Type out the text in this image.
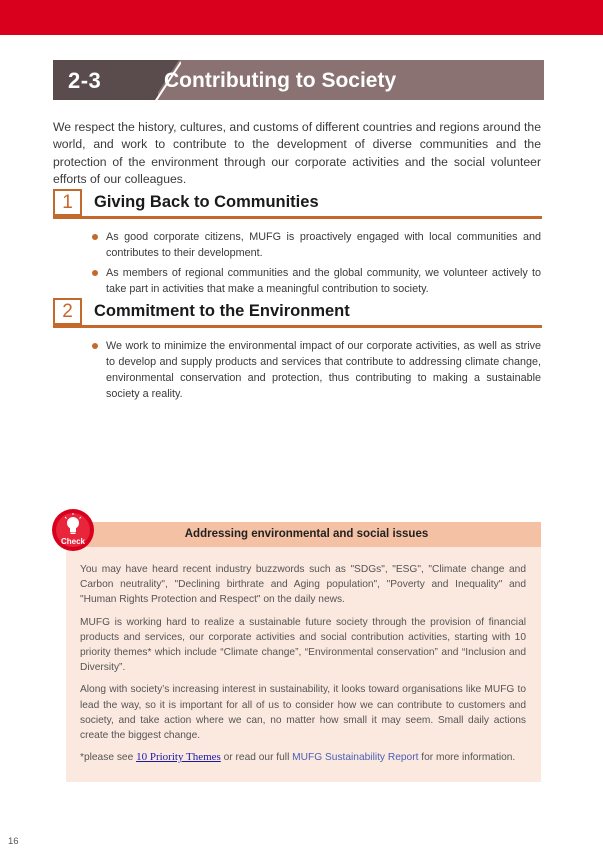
2-3	Contributing to Society

We respect the history, cultures, and customs of different countries and regions around the world, and work to contribute to the development of diverse communities and the protection of the environment through our corporate activities and the social volunteer efforts of our colleagues.

1	Giving Back to Communities
As good corporate citizens, MUFG is proactively engaged with local communities and contributes to their development.
As members of regional communities and the global community, we volunteer actively to take part in activities that make a meaningful contribution to society.
2	Commitment to the Environment
We work to minimize the environmental impact of our corporate activities, as well as strive to develop and supply products and services that contribute to addressing climate change, environmental conservation and protection, thus contributing to making a sustainable society a reality.
Addressing environmental and social issues

You may have heard recent industry buzzwords such as "SDGs", "ESG", "Climate change and Carbon neutrality", "Declining birthrate and Aging population", "Poverty and Inequality" and "Human Rights Protection and Respect" on the daily news.

MUFG is working hard to realize a sustainable future society through the provision of financial products and services, our corporate activities and social contribution activities, starting with 10 priority themes* which include “Climate change”, “Environmental conservation” and “Inclusion and Diversity”.

Along with society’s increasing interest in sustainability, it looks toward organisations like MUFG to lead the way, so it is important for all of us to consider how we can contribute to customers and society, and take action where we can, no matter how small it may seem. Small daily actions create the biggest change.

*please see 10 Priority Themes or read our full MUFG Sustainability Report for more information.

Check
16
